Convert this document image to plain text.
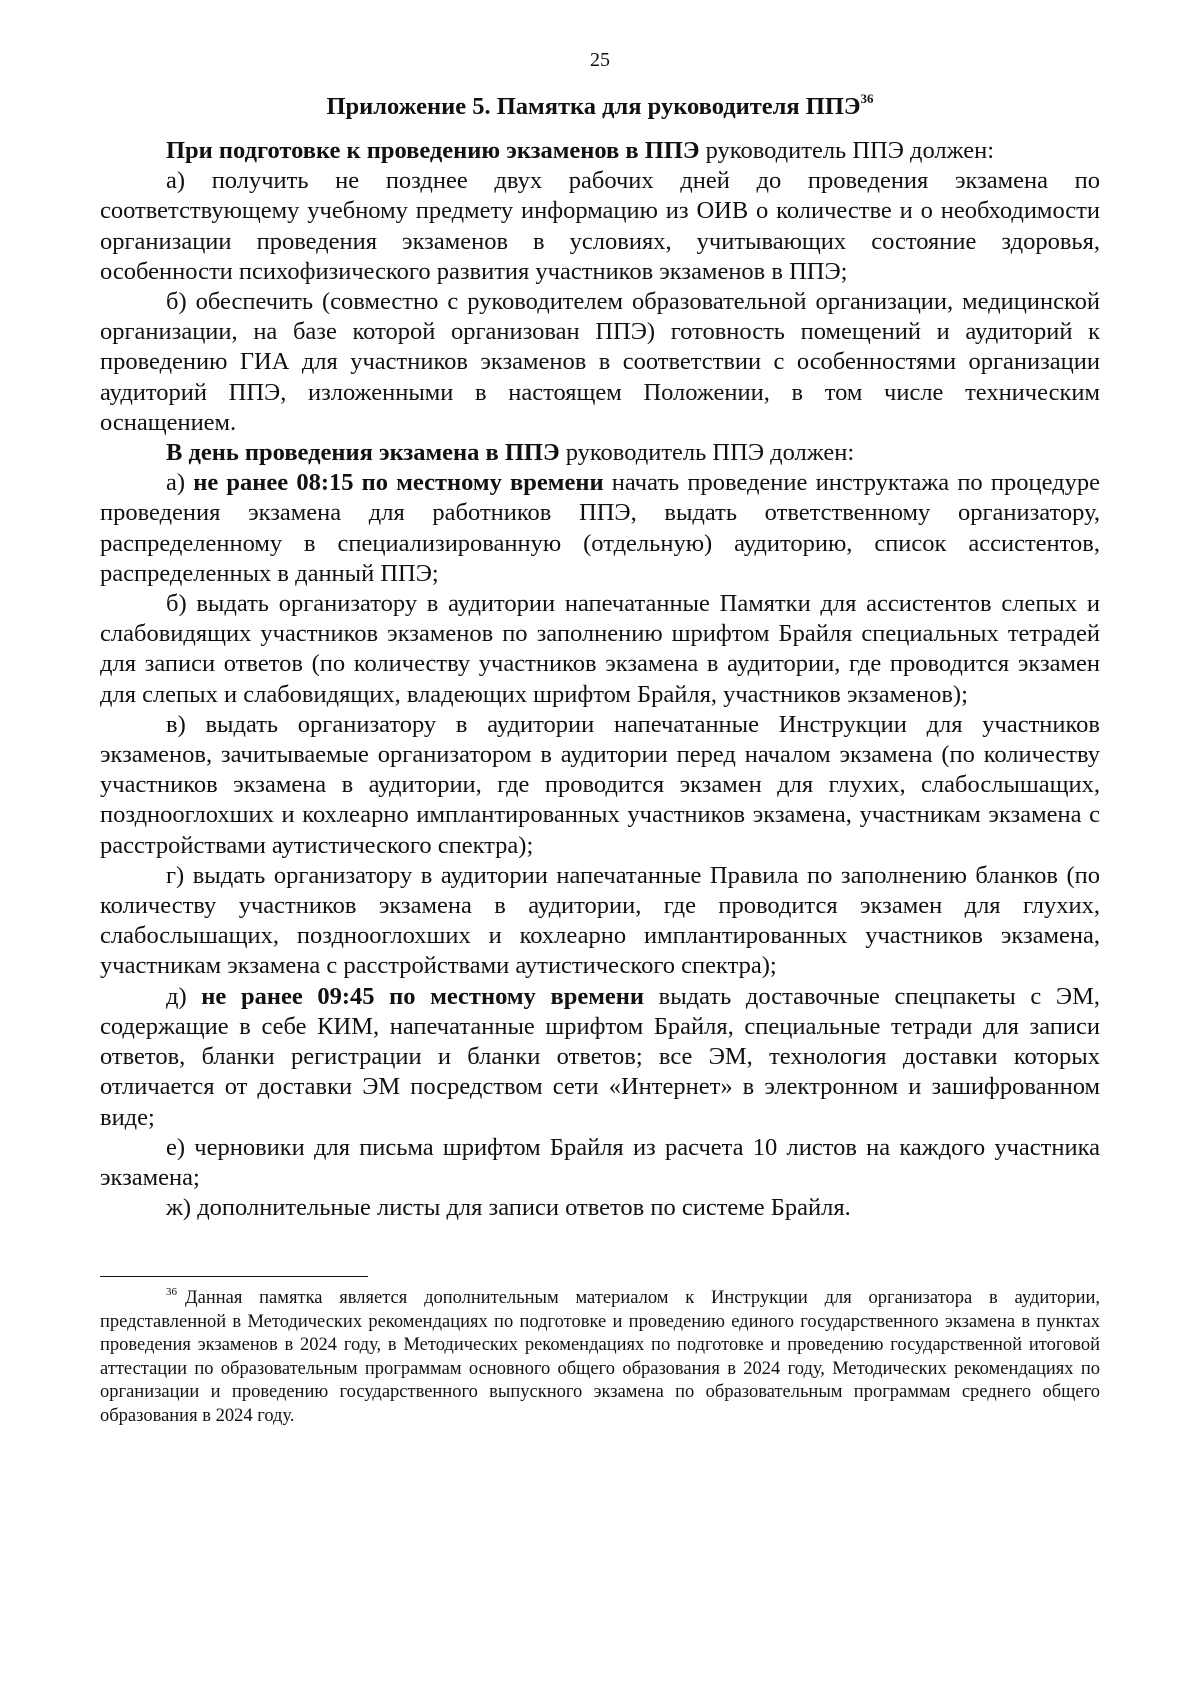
25
Приложение 5. Памятка для руководителя ППЭ$^{36}$

При подготовке к проведению экзаменов в ППЭ руководитель ППЭ должен:

а) получить не позднее двух рабочих дней до проведения экзамена по соответствующему учебному предмету информацию из ОИВ о количестве и о необходимости организации проведения экзаменов в условиях, учитывающих состояние здоровья, особенности психофизического развития участников экзаменов в ППЭ;

б) обеспечить (совместно с руководителем образовательной организации, медицинской организации, на базе которой организован ППЭ) готовность помещений и аудиторий к проведению ГИА для участников экзаменов в соответствии с особенностями организации аудиторий ППЭ, изложенными в настоящем Положении, в том числе техническим оснащением.

В день проведения экзамена в ППЭ руководитель ППЭ должен:

а) не ранее 08:15 по местному времени начать проведение инструктажа по процедуре проведения экзамена для работников ППЭ, выдать ответственному организатору, распределенному в специализированную (отдельную) аудиторию, список ассистентов, распределенных в данный ППЭ;

б) выдать организатору в аудитории напечатанные Памятки для ассистентов слепых и слабовидящих участников экзаменов по заполнению шрифтом Брайля специальных тетрадей для записи ответов (по количеству участников экзамена в аудитории, где проводится экзамен для слепых и слабовидящих, владеющих шрифтом Брайля, участников экзаменов);

в) выдать организатору в аудитории напечатанные Инструкции для участников экзаменов, зачитываемые организатором в аудитории перед началом экзамена (по количеству участников экзамена в аудитории, где проводится экзамен для глухих, слабослышащих, позднооглохших и кохлеарно имплантированных участников экзамена, участникам экзамена с расстройствами аутистического спектра);

г) выдать организатору в аудитории напечатанные Правила по заполнению бланков (по количеству участников экзамена в аудитории, где проводится экзамен для глухих, слабослышащих, позднооглохших и кохлеарно имплантированных участников экзамена, участникам экзамена с расстройствами аутистического спектра);

д) не ранее 09:45 по местному времени выдать доставочные спецпакеты с ЭМ, содержащие в себе КИМ, напечатанные шрифтом Брайля, специальные тетради для записи ответов, бланки регистрации и бланки ответов; все ЭМ, технология доставки которых отличается от доставки ЭМ посредством сети «Интернет» в электронном и зашифрованном виде;

е) черновики для письма шрифтом Брайля из расчета 10 листов на каждого участника экзамена;

ж) дополнительные листы для записи ответов по системе Брайля.

$^{36}$ Данная памятка является дополнительным материалом к Инструкции для организатора в аудитории, представленной в Методических рекомендациях по подготовке и проведению единого государственного экзамена в пунктах проведения экзаменов в 2024 году, в Методических рекомендациях по подготовке и проведению государственной итоговой аттестации по образовательным программам основного общего образования в 2024 году, Методических рекомендациях по организации и проведению государственного выпускного экзамена по образовательным программам среднего общего образования в 2024 году.
